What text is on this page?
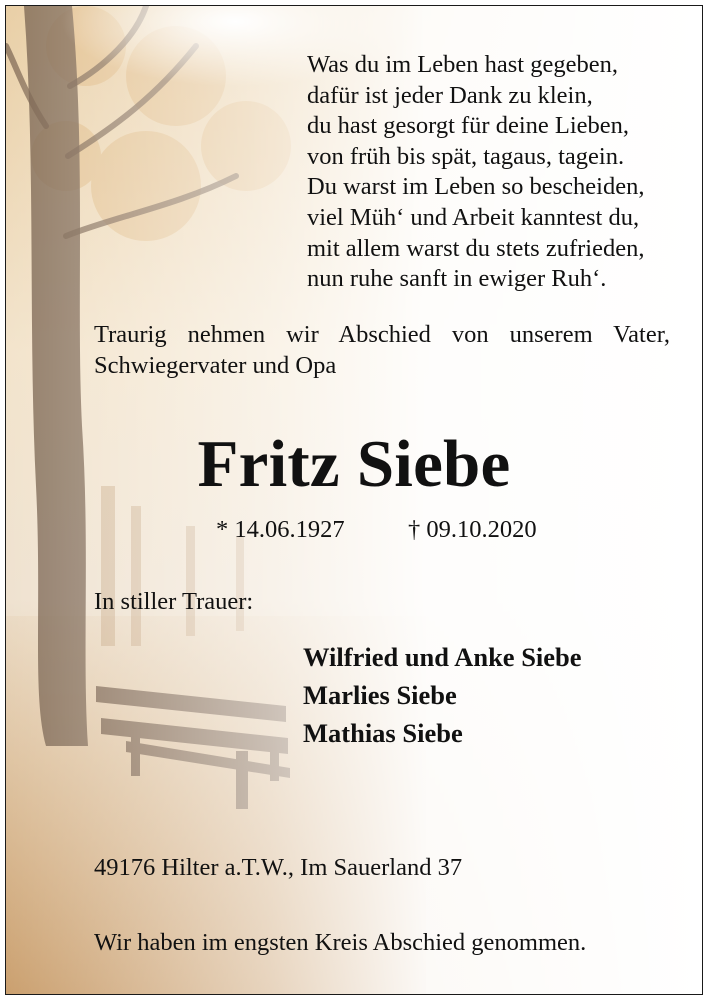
Was du im Leben hast gegeben,
dafür ist jeder Dank zu klein,
du hast gesorgt für deine Lieben,
von früh bis spät, tagaus, tagein.
Du warst im Leben so bescheiden,
viel Müh‘ und Arbeit kanntest du,
mit allem warst du stets zufrieden,
nun ruhe sanft in ewiger Ruh‘.

Traurig nehmen wir Abschied von unserem Vater,
Schwiegervater und Opa

Fritz Siebe
* 14.06.1927	† 09.10.2020
In stiller Trauer:
Wilfried und Anke Siebe
Marlies Siebe
Mathias Siebe
49176 Hilter a.T.W., Im Sauerland 37
Wir haben im engsten Kreis Abschied genommen.
